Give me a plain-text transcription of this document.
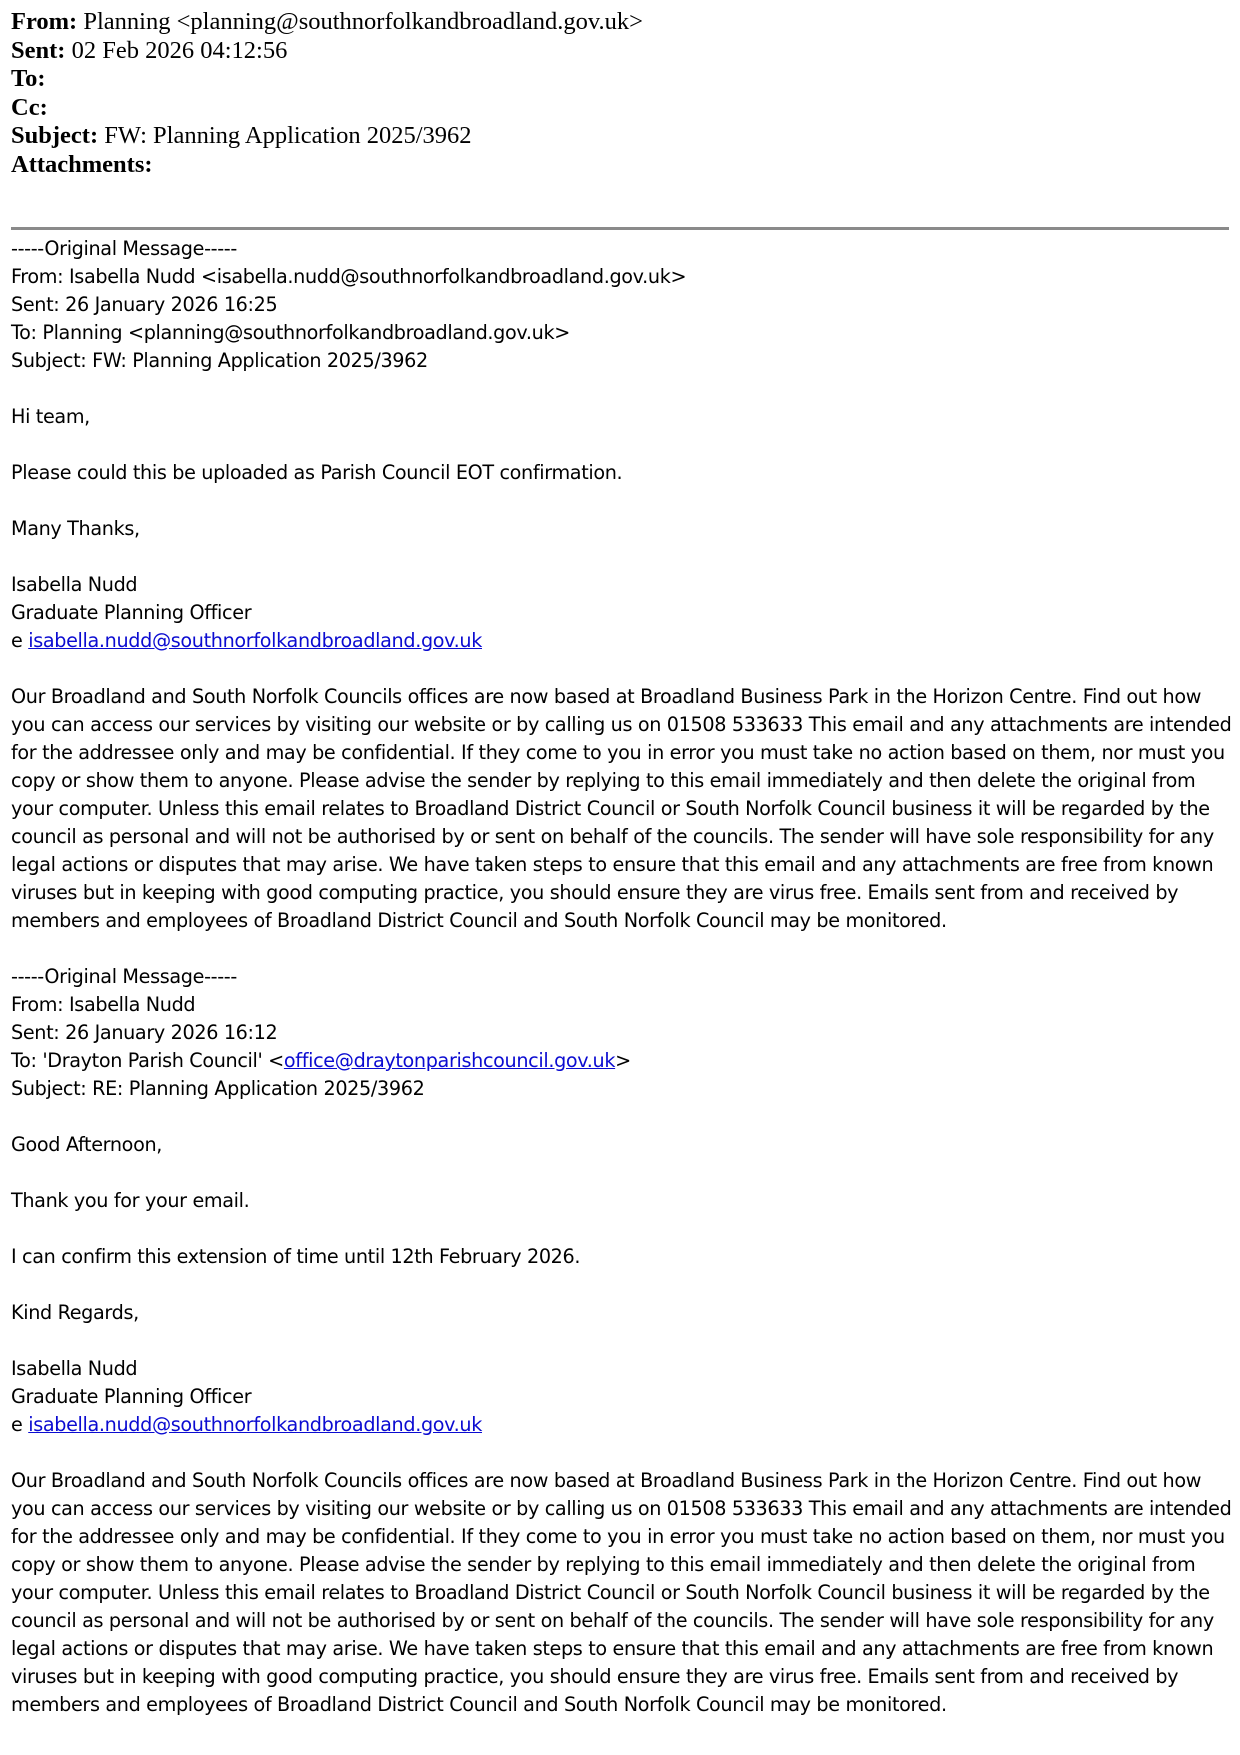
From: Planning <planning@southnorfolkandbroadland.gov.uk>
Sent: 02 Feb 2026 04:12:56
To:
Cc:
Subject: FW: Planning Application 2025/3962
Attachments:
-----Original Message-----
From: Isabella Nudd <isabella.nudd@southnorfolkandbroadland.gov.uk>
Sent: 26 January 2026 16:25
To: Planning <planning@southnorfolkandbroadland.gov.uk>
Subject: FW: Planning Application 2025/3962
Hi team,
Please could this be uploaded as Parish Council EOT confirmation.
Many Thanks,
Isabella Nudd
Graduate Planning Officer
e isabella.nudd@southnorfolkandbroadland.gov.uk
Our Broadland and South Norfolk Councils offices are now based at Broadland Business Park in the Horizon Centre. Find out how
you can access our services by visiting our website or by calling us on 01508 533633 This email and any attachments are intended
for the addressee only and may be confidential. If they come to you in error you must take no action based on them, nor must you
copy or show them to anyone. Please advise the sender by replying to this email immediately and then delete the original from
your computer. Unless this email relates to Broadland District Council or South Norfolk Council business it will be regarded by the
council as personal and will not be authorised by or sent on behalf of the councils. The sender will have sole responsibility for any
legal actions or disputes that may arise. We have taken steps to ensure that this email and any attachments are free from known
viruses but in keeping with good computing practice, you should ensure they are virus free. Emails sent from and received by
members and employees of Broadland District Council and South Norfolk Council may be monitored.
-----Original Message-----
From: Isabella Nudd
Sent: 26 January 2026 16:12
To: 'Drayton Parish Council' <office@draytonparishcouncil.gov.uk>
Subject: RE: Planning Application 2025/3962
Good Afternoon,
Thank you for your email.
I can confirm this extension of time until 12th February 2026.
Kind Regards,
Isabella Nudd
Graduate Planning Officer
e isabella.nudd@southnorfolkandbroadland.gov.uk
Our Broadland and South Norfolk Councils offices are now based at Broadland Business Park in the Horizon Centre. Find out how
you can access our services by visiting our website or by calling us on 01508 533633 This email and any attachments are intended
for the addressee only and may be confidential. If they come to you in error you must take no action based on them, nor must you
copy or show them to anyone. Please advise the sender by replying to this email immediately and then delete the original from
your computer. Unless this email relates to Broadland District Council or South Norfolk Council business it will be regarded by the
council as personal and will not be authorised by or sent on behalf of the councils. The sender will have sole responsibility for any
legal actions or disputes that may arise. We have taken steps to ensure that this email and any attachments are free from known
viruses but in keeping with good computing practice, you should ensure they are virus free. Emails sent from and received by
members and employees of Broadland District Council and South Norfolk Council may be monitored.
